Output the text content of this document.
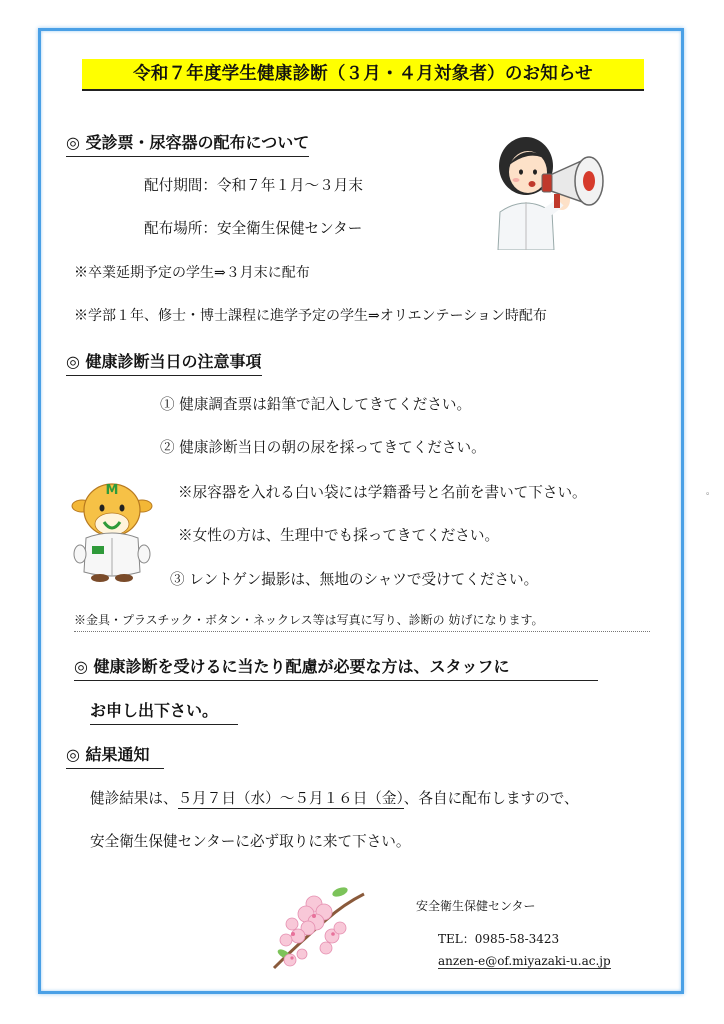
令和７年度学生健康診断（３月・４月対象者）のお知らせ
◎ 受診票・尿容器の配布について
配付期間：令和７年１月～３月末
配布場所：安全衛生保健センター
※卒業延期予定の学生⇒３月末に配布
※学部１年、修士・博士課程に進学予定の学生⇒オリエンテーション時配布
◎ 健康診断当日の注意事項
① 健康調査票は鉛筆で記入してきてください。
② 健康診断当日の朝の尿を採ってきてください。
※尿容器を入れる白い袋には学籍番号と名前を書いて下さい。
※女性の方は、生理中でも採ってきてください。
③ レントゲン撮影は、無地のシャツで受けてください。
※金具・プラスチック・ボタン・ネックレス等は写真に写り、診断の 妨げになります。
M	。
◎ 健康診断を受けるに当たり配慮が必要な方は、スタッフに
お申し出下さい。
◎ 結果通知
健診結果は、５月７日（水）～５月１６日（金）、各自に配布しますので、
安全衛生保健センターに必ず取りに来て下さい。
安全衛生保健センター
TEL：0985-58-3423
anzen-e@of.miyazaki-u.ac.jp
